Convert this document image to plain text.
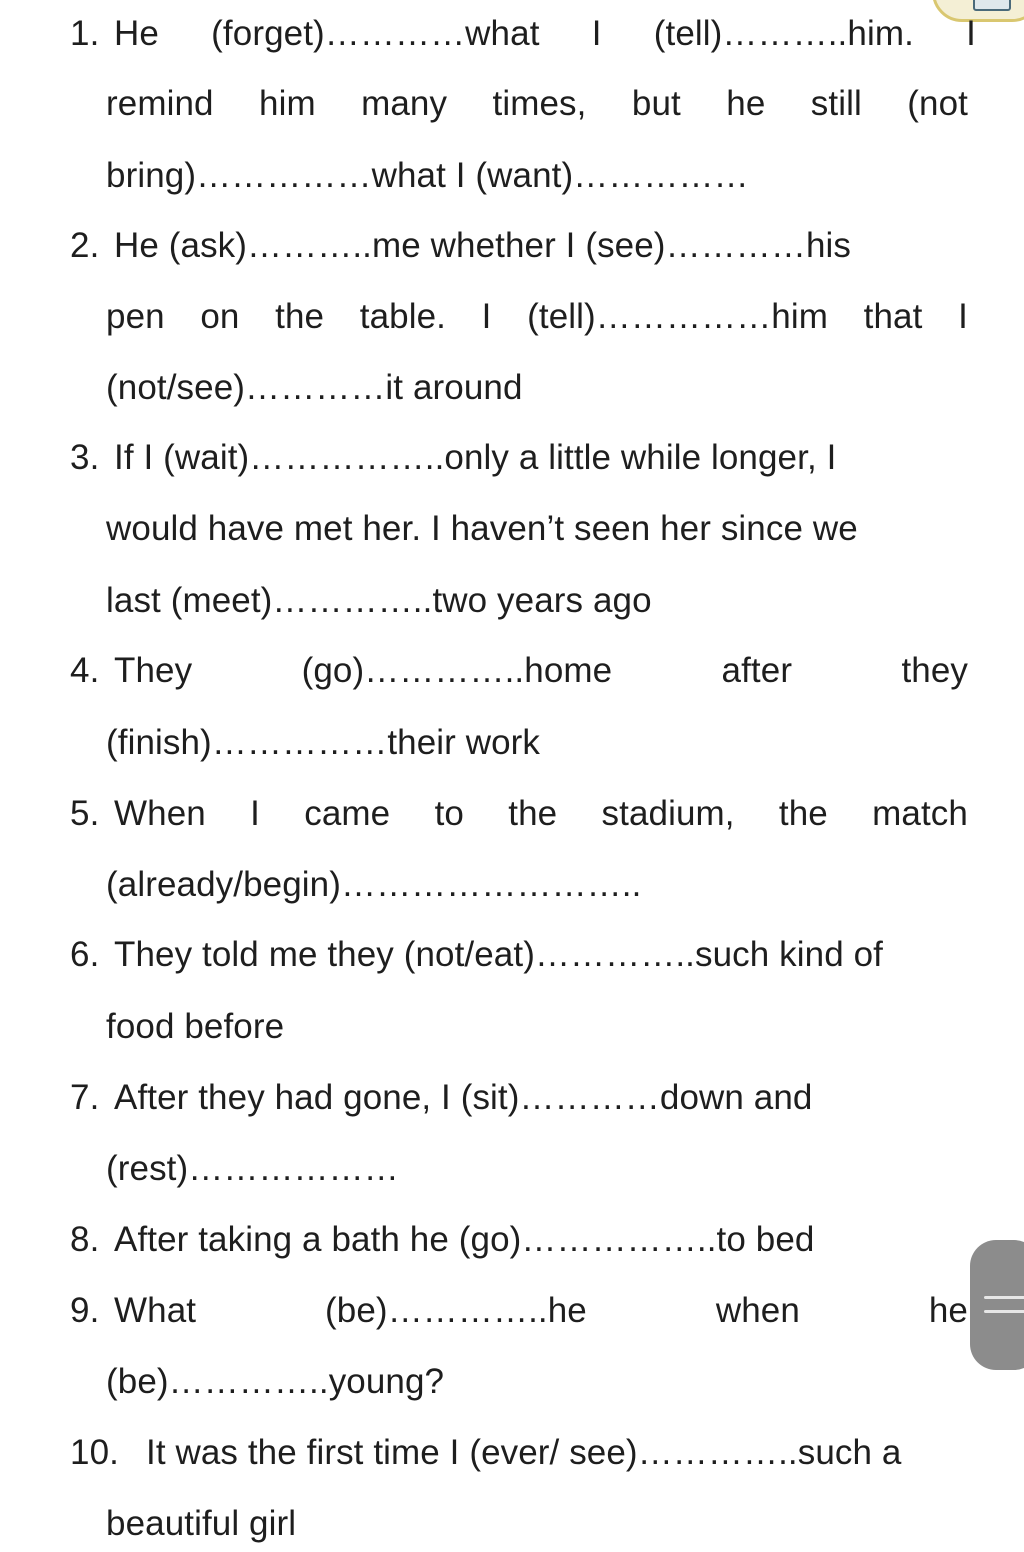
1. He (forget)…………what I (tell)………..him. I
remind him many times, but he still (not
bring)……………what I (want)……………
2. He (ask)………..me whether I (see)…………his
pen on the table. I (tell)……………him that I
(not/see)…………it around
3. If I (wait)……………..only a little while longer, I
would have met her. I haven’t seen her since we
last (meet)…………..two years ago
4. They	(go)…………..home	after	they
(finish)……………their work
5. When I came to the stadium, the match
(already/begin)……………………..
6. They told me they (not/eat)…………..such kind of
food before
7. After they had gone, I (sit)…………down and
(rest)………………
8. After taking a bath he (go)……………..to bed
9. What	(be)…………..he	when	he
(be)…………..young?
10. It was the first time I (ever/ see)…………..such a
beautiful girl
